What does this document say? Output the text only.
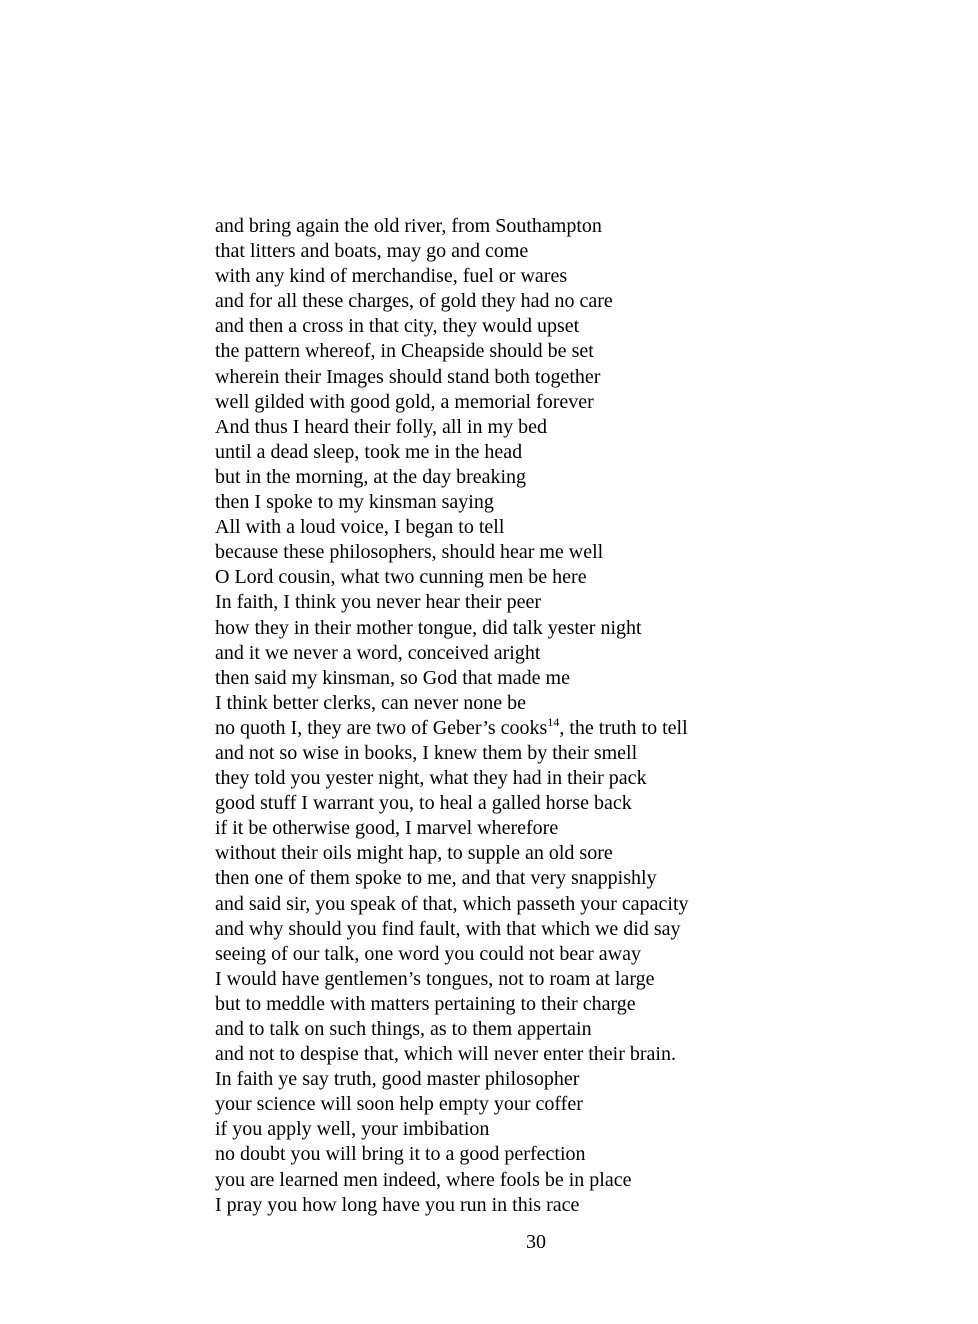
and bring again the old river, from Southampton
that litters and boats, may go and come
with any kind of merchandise, fuel or wares
and for all these charges, of gold they had no care
and then a cross in that city, they would upset
the pattern whereof, in Cheapside should be set
wherein their Images should stand both together
well gilded with good gold, a memorial forever
And thus I heard their folly, all in my bed
until a dead sleep, took me in the head
but in the morning, at the day breaking
then I spoke to my kinsman saying
All with a loud voice, I began to tell
because these philosophers, should hear me well
O Lord cousin, what two cunning men be here
In faith, I think you never hear their peer
how they in their mother tongue, did talk yester night
and it we never a word, conceived aright
then said my kinsman, so God that made me
I think better clerks, can never none be
no quoth I, they are two of Geber’s cooks$^{14}$, the truth to tell
and not so wise in books, I knew them by their smell
they told you yester night, what they had in their pack
good stuff I warrant you, to heal a galled horse back
if it be otherwise good, I marvel wherefore
without their oils might hap, to supple an old sore
then one of them spoke to me, and that very snappishly
and said sir, you speak of that, which passeth your capacity
and why should you find fault, with that which we did say
seeing of our talk, one word you could not bear away
I would have gentlemen’s tongues, not to roam at large
but to meddle with matters pertaining to their charge
and to talk on such things, as to them appertain
and not to despise that, which will never enter their brain.
In faith ye say truth, good master philosopher
your science will soon help empty your coffer
if you apply well, your imbibation
no doubt you will bring it to a good perfection
you are learned men indeed, where fools be in place
I pray you how long have you run in this race
30
